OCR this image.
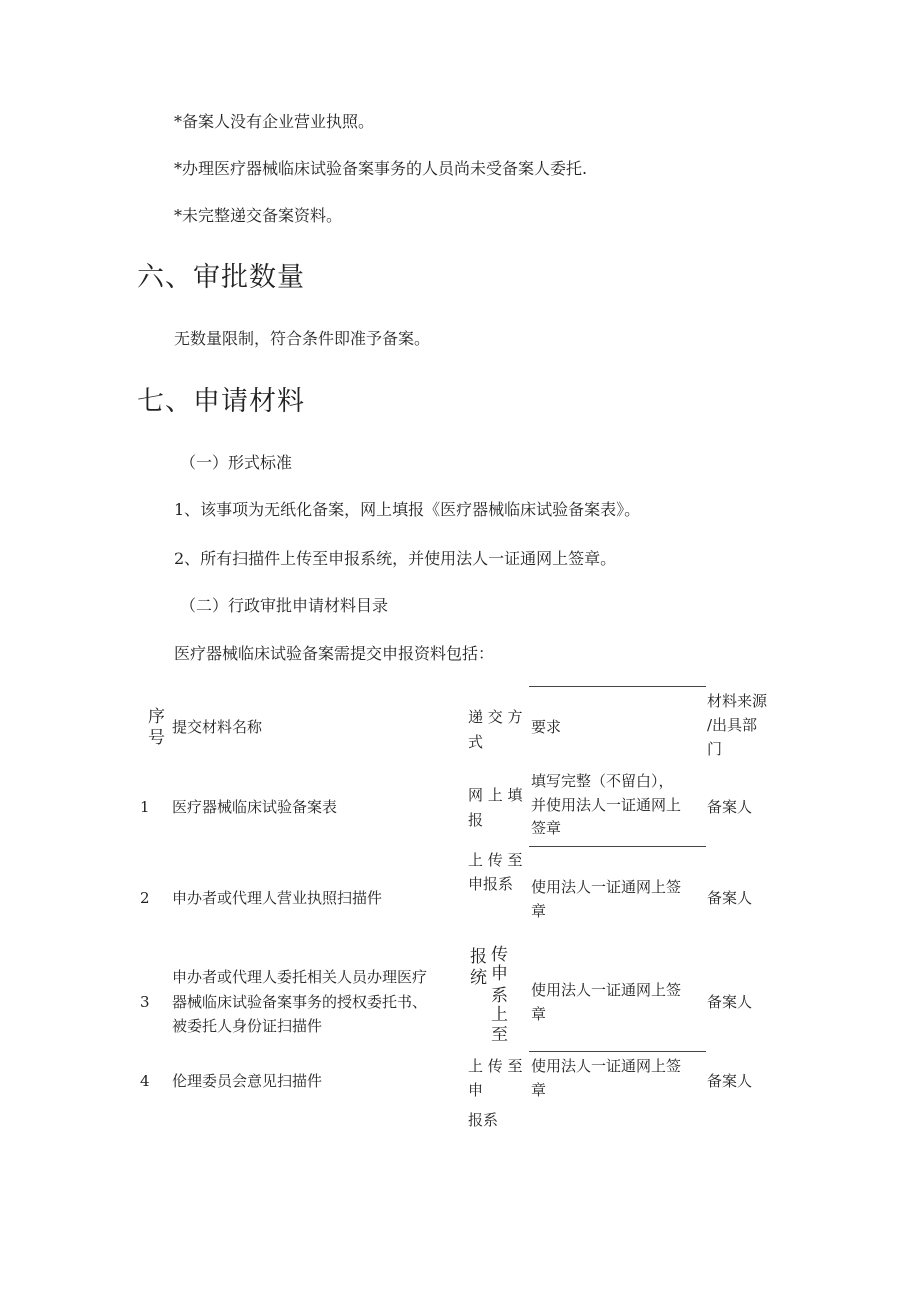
*备案人没有企业营业执照。
*办理医疗器械临床试验备案事务的人员尚未受备案人委托.
*未完整递交备案资料。
六、审批数量
无数量限制，符合条件即准予备案。
七、申请材料
（一）形式标准
1、该事项为无纸化备案，网上填报《医疗器械临床试验备案表》。
2、所有扫描件上传至申报系统，并使用法人一证通网上签章。
（二）行政审批申请材料目录
医疗器械临床试验备案需提交申报资料包括：
序
号
提交材料名称
递 交 方
式
要求
材料来源
/出具部
门
1 医疗器械临床试验备案表
网 上 填
报
填写完整（不留白），
并使用法人一证通网上
签章
备案人
2 申办者或代理人营业执照扫描件
上 传 至
申报系 使用法人一证通网上签
章
备案人
3
申办者或代理人委托相关人员办理医疗
器械临床试验备案事务的授权委托书、
被委托人身份证扫描件
报
统
传
申
系
上
至
使用法人一证通网上签
章
备案人
4 伦理委员会意见扫描件
上 传 至
申
报系
使用法人一证通网上签
章	备案人
